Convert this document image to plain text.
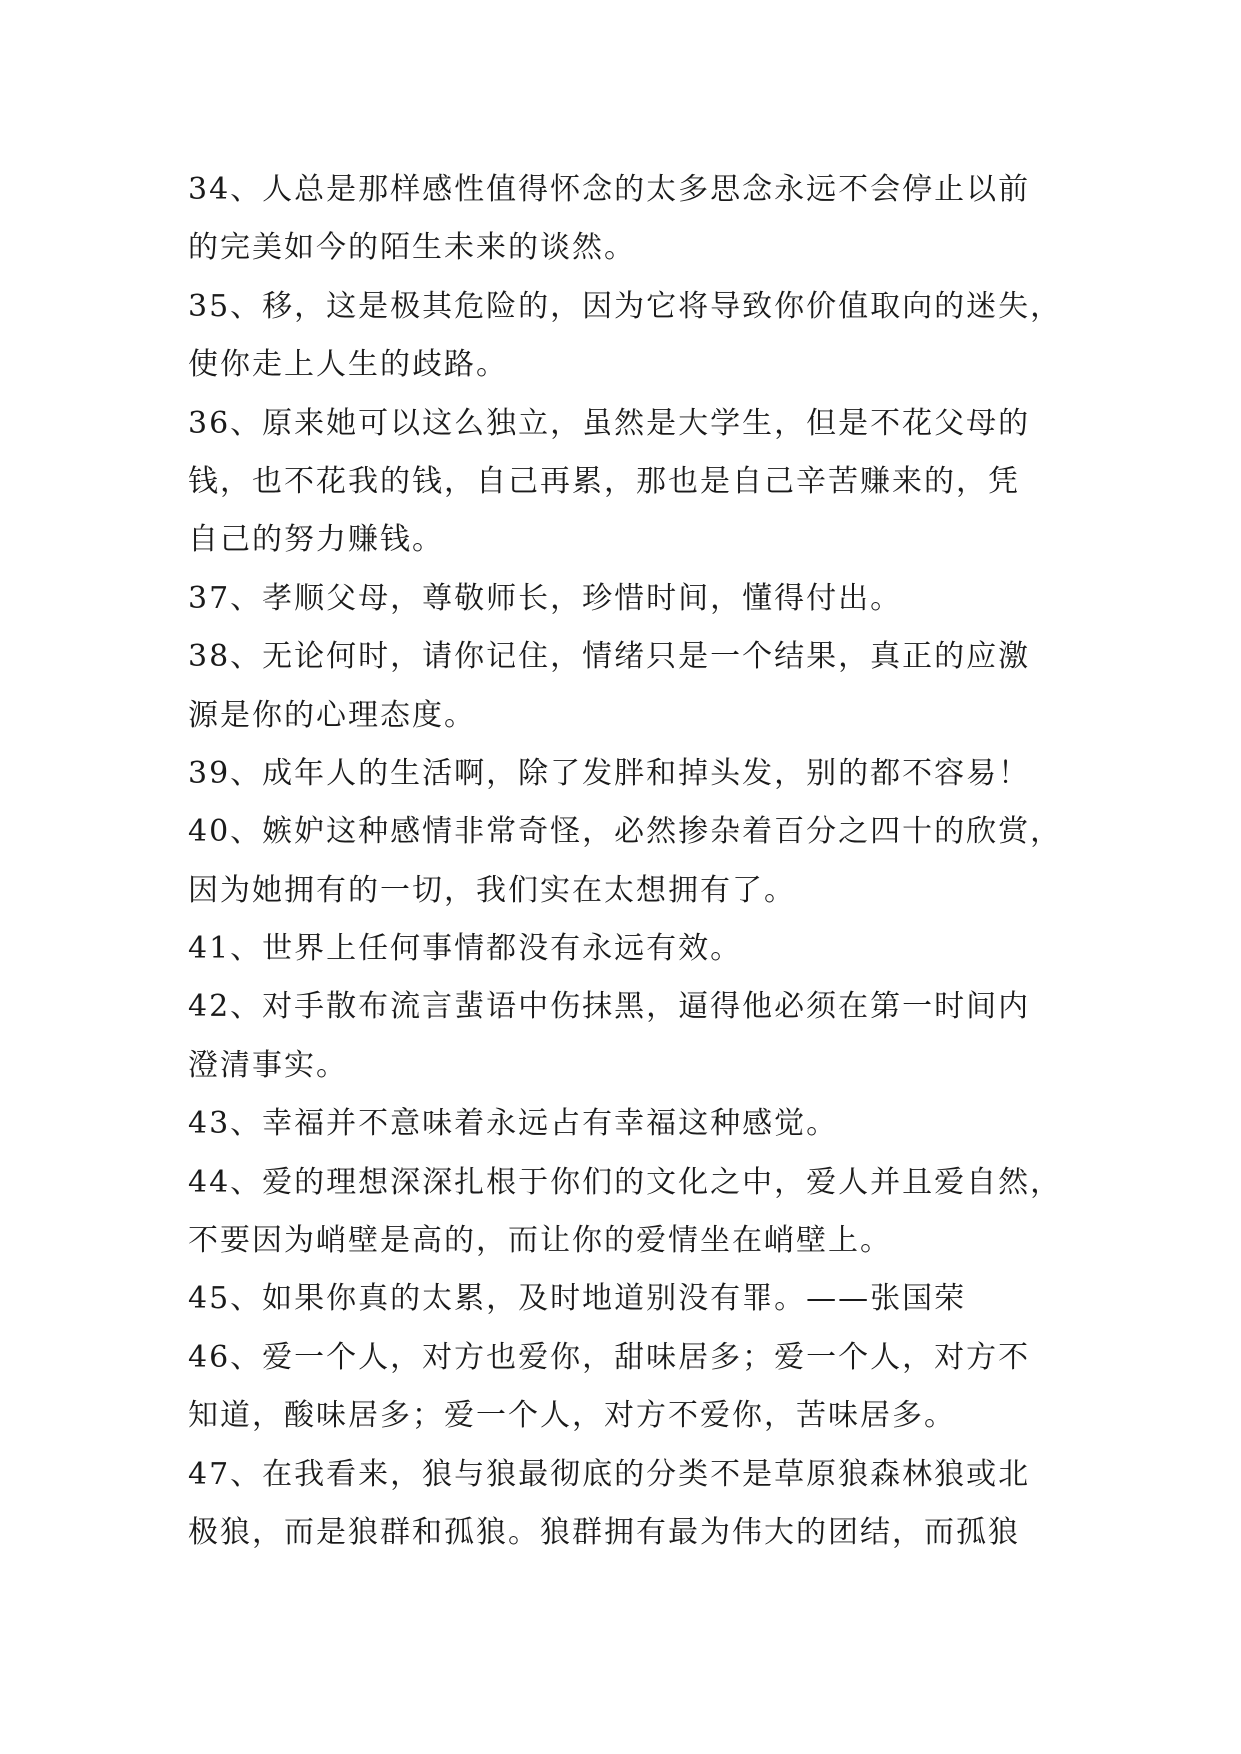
34、人总是那样感性值得怀念的太多思念永远不会停止以前
的完美如今的陌生未来的谈然。
35、移，这是极其危险的，因为它将导致你价值取向的迷失，
使你走上人生的歧路。
36、原来她可以这么独立，虽然是大学生，但是不花父母的
钱，也不花我的钱，自己再累，那也是自己辛苦赚来的，凭
自己的努力赚钱。
37、孝顺父母，尊敬师长，珍惜时间，懂得付出。
38、无论何时，请你记住，情绪只是一个结果，真正的应激
源是你的心理态度。
39、成年人的生活啊，除了发胖和掉头发，别的都不容易！
40、嫉妒这种感情非常奇怪，必然掺杂着百分之四十的欣赏，
因为她拥有的一切，我们实在太想拥有了。
41、世界上任何事情都没有永远有效。
42、对手散布流言蜚语中伤抹黑，逼得他必须在第一时间内
澄清事实。
43、幸福并不意味着永远占有幸福这种感觉。
44、爱的理想深深扎根于你们的文化之中，爱人并且爱自然，
不要因为峭壁是高的，而让你的爱情坐在峭壁上。
45、如果你真的太累，及时地道别没有罪。——张国荣
46、爱一个人，对方也爱你，甜味居多；爱一个人，对方不
知道，酸味居多；爱一个人，对方不爱你，苦味居多。
47、在我看来，狼与狼最彻底的分类不是草原狼森林狼或北
极狼，而是狼群和孤狼。狼群拥有最为伟大的团结，而孤狼
